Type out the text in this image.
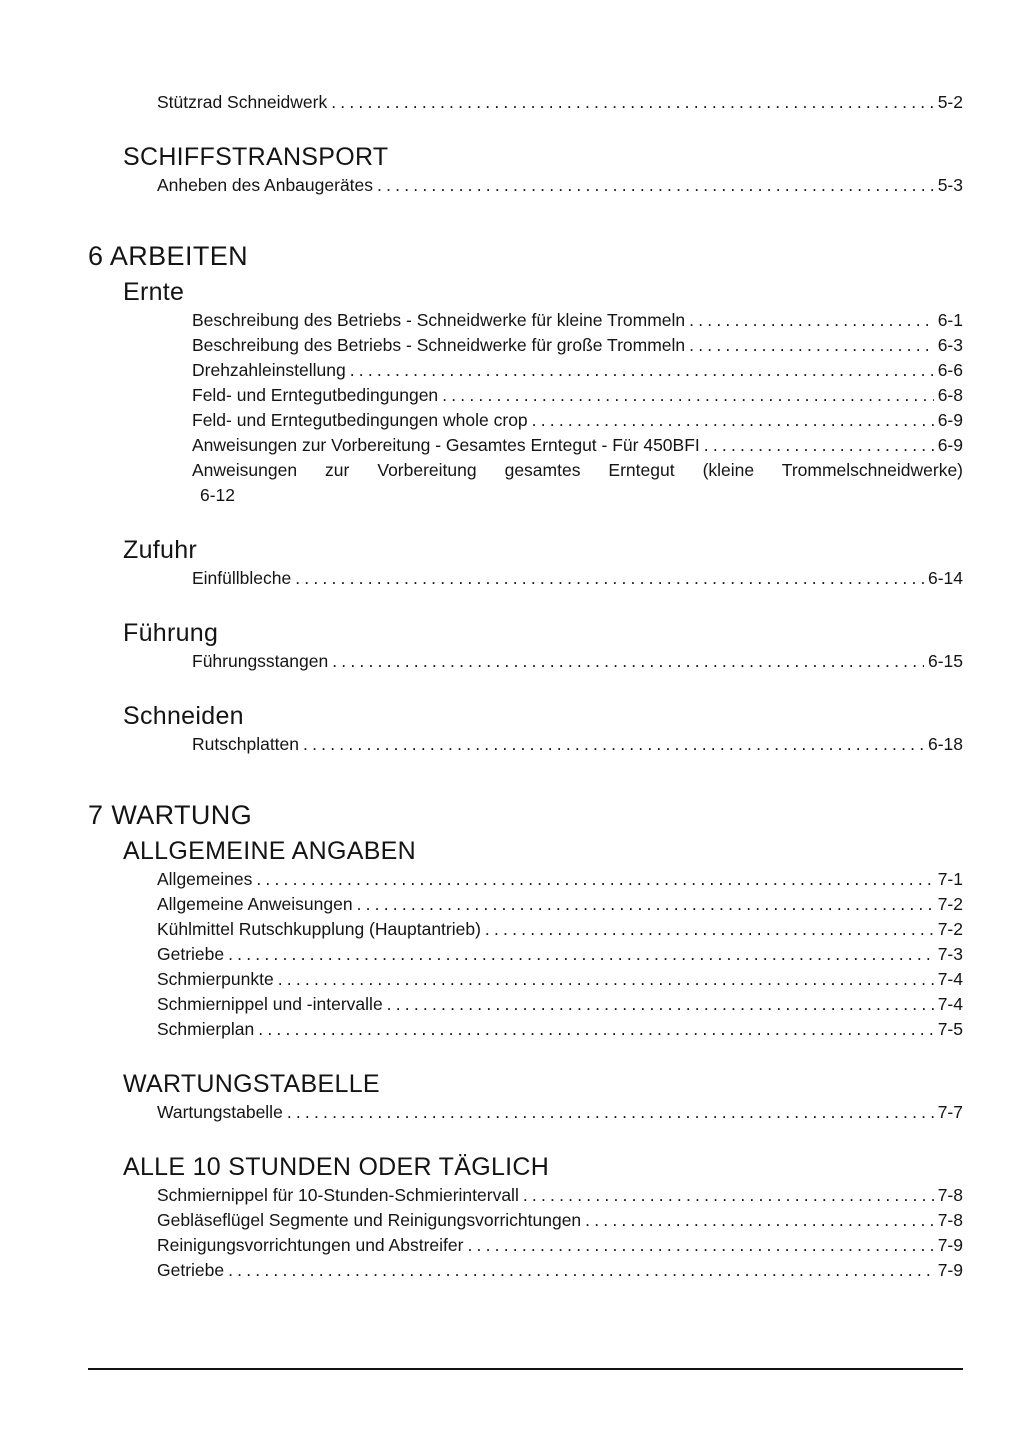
Stützrad Schneidwerk .....	5-2
SCHIFFSTRANSPORT
Anheben des Anbaugerätes .....	5-3
6 ARBEITEN
Ernte
Beschreibung des Betriebs - Schneidwerke für kleine Trommeln .....	6-1
Beschreibung des Betriebs - Schneidwerke für große Trommeln .....	6-3
Drehzahleinstellung .....	6-6
Feld- und Erntegutbedingungen .....	6-8
Feld- und Erntegutbedingungen whole crop .....	6-9
Anweisungen zur Vorbereitung - Gesamtes Erntegut - Für 450BFI .....	6-9
Anweisungen zur Vorbereitung gesamtes Erntegut (kleine Trommelschneidwerke)
6-12
Zufuhr
Einfüllbleche .....	6-14
Führung
Führungsstangen .....	6-15
Schneiden
Rutschplatten .....	6-18
7 WARTUNG
ALLGEMEINE ANGABEN
Allgemeines .....	7-1
Allgemeine Anweisungen .....	7-2
Kühlmittel Rutschkupplung (Hauptantrieb) .....	7-2
Getriebe .....	7-3
Schmierpunkte .....	7-4
Schmiernippel und -intervalle .....	7-4
Schmierplan .....	7-5
WARTUNGSTABELLE
Wartungstabelle .....	7-7
ALLE 10 STUNDEN ODER TÄGLICH
Schmiernippel für 10-Stunden-Schmierintervall .....	7-8
Gebläseflügel Segmente und Reinigungsvorrichtungen .....	7-8
Reinigungsvorrichtungen und Abstreifer .....	7-9
Getriebe .....	7-9
